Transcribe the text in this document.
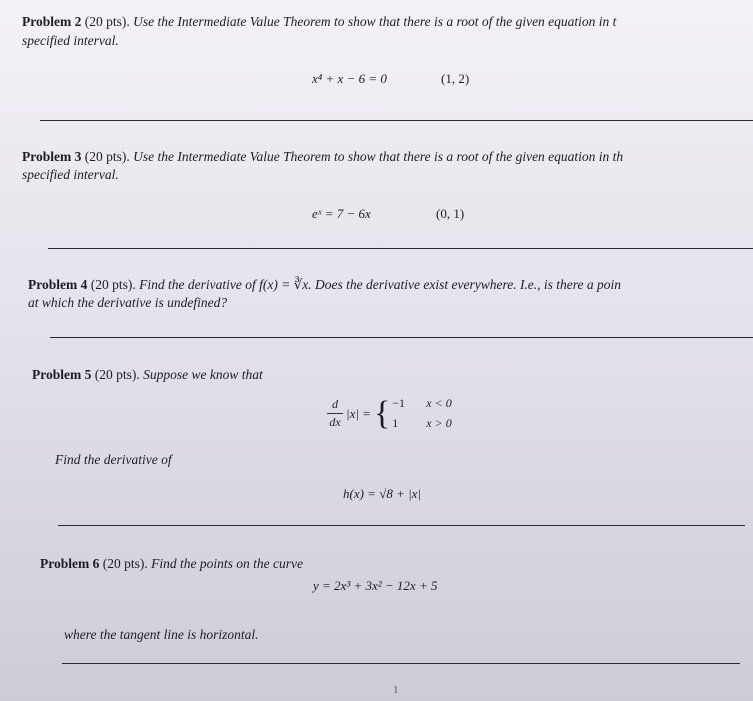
Problem 2 (20 pts). Use the Intermediate Value Theorem to show that there is a root of the given equation in t
specified interval.
x⁴ + x − 6 = 0	(1, 2)
Problem 3 (20 pts). Use the Intermediate Value Theorem to show that there is a root of the given equation in th
specified interval.
eˣ = 7 − 6x	(0, 1)
Problem 4 (20 pts). Find the derivative of f(x) = ∛x. Does the derivative exist everywhere. I.e., is there a poin
at which the derivative is undefined?
Problem 5 (20 pts). Suppose we know that
$\frac{d}{dx} |x|$ = { −1	x < 0
1	x > 0
Find the derivative of
h(x) = √8 + |x|
Problem 6 (20 pts). Find the points on the curve
y = 2x³ + 3x² − 12x + 5
where the tangent line is horizontal.
1
